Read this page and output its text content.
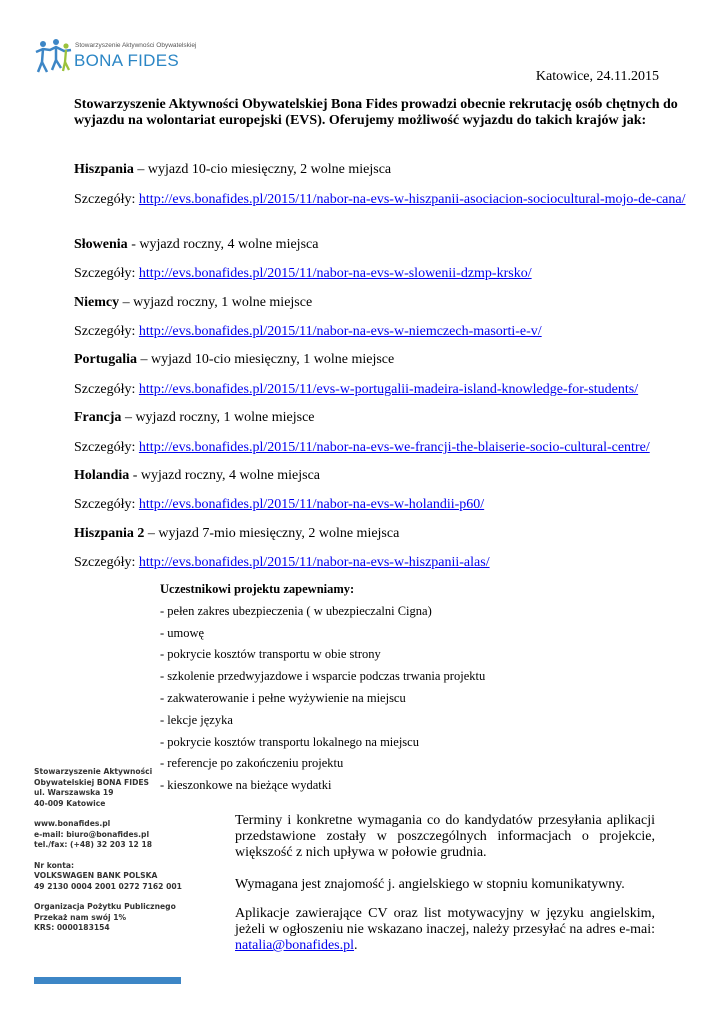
Stowarzyszenie Aktywności Obywatelskiej
BONA FIDES
Katowice, 24.11.2015
Stowarzyszenie Aktywności Obywatelskiej Bona Fides prowadzi obecnie rekrutację osób chętnych do wyjazdu na wolontariat europejski (EVS). Oferujemy możliwość wyjazdu do takich krajów jak:
Hiszpania – wyjazd 10-cio miesięczny, 2 wolne miejsca
Szczegóły: http://evs.bonafides.pl/2015/11/nabor-na-evs-w-hiszpanii-asociacion-sociocultural-mojo-de-cana/
Słowenia - wyjazd roczny, 4 wolne miejsca
Szczegóły: http://evs.bonafides.pl/2015/11/nabor-na-evs-w-slowenii-dzmp-krsko/
Niemcy – wyjazd roczny, 1 wolne miejsce
Szczegóły: http://evs.bonafides.pl/2015/11/nabor-na-evs-w-niemczech-masorti-e-v/
Portugalia – wyjazd 10-cio miesięczny, 1 wolne miejsce
Szczegóły: http://evs.bonafides.pl/2015/11/evs-w-portugalii-madeira-island-knowledge-for-students/
Francja – wyjazd roczny, 1 wolne miejsce
Szczegóły: http://evs.bonafides.pl/2015/11/nabor-na-evs-we-francji-the-blaiserie-socio-cultural-centre/
Holandia - wyjazd roczny, 4 wolne miejsca
Szczegóły: http://evs.bonafides.pl/2015/11/nabor-na-evs-w-holandii-p60/
Hiszpania 2 – wyjazd 7-mio miesięczny, 2 wolne miejsca
Szczegóły: http://evs.bonafides.pl/2015/11/nabor-na-evs-w-hiszpanii-alas/
Uczestnikowi projektu zapewniamy:
- pełen zakres ubezpieczenia ( w ubezpieczalni Cigna)
- umowę
- pokrycie kosztów transportu w obie strony
- szkolenie przedwyjazdowe i wsparcie podczas trwania projektu
- zakwaterowanie i pełne wyżywienie na miejscu
- lekcje języka
- pokrycie kosztów transportu lokalnego na miejscu
- referencje po zakończeniu projektu
- kieszonkowe na bieżące wydatki
Stowarzyszenie Aktywności
Obywatelskiej BONA FIDES
ul. Warszawska 19
40-009 Katowice
www.bonafides.pl
e-mail: biuro@bonafides.pl
tel./fax: (+48) 32 203 12 18
Nr konta:
VOLKSWAGEN BANK POLSKA
49 2130 0004 2001 0272 7162 001
Organizacja Pożytku Publicznego
Przekaż nam swój 1%
KRS: 0000183154
Terminy i konkretne wymagania co do kandydatów przesyłania aplikacji przedstawione zostały w poszczególnych informacjach o projekcie, większość z nich upływa w połowie grudnia.
Wymagana jest znajomość j. angielskiego w stopniu komunikatywny.
Aplikacje zawierające CV oraz list motywacyjny w języku angielskim, jeżeli w ogłoszeniu nie wskazano inaczej, należy przesyłać na adres e-mai: natalia@bonafides.pl.
